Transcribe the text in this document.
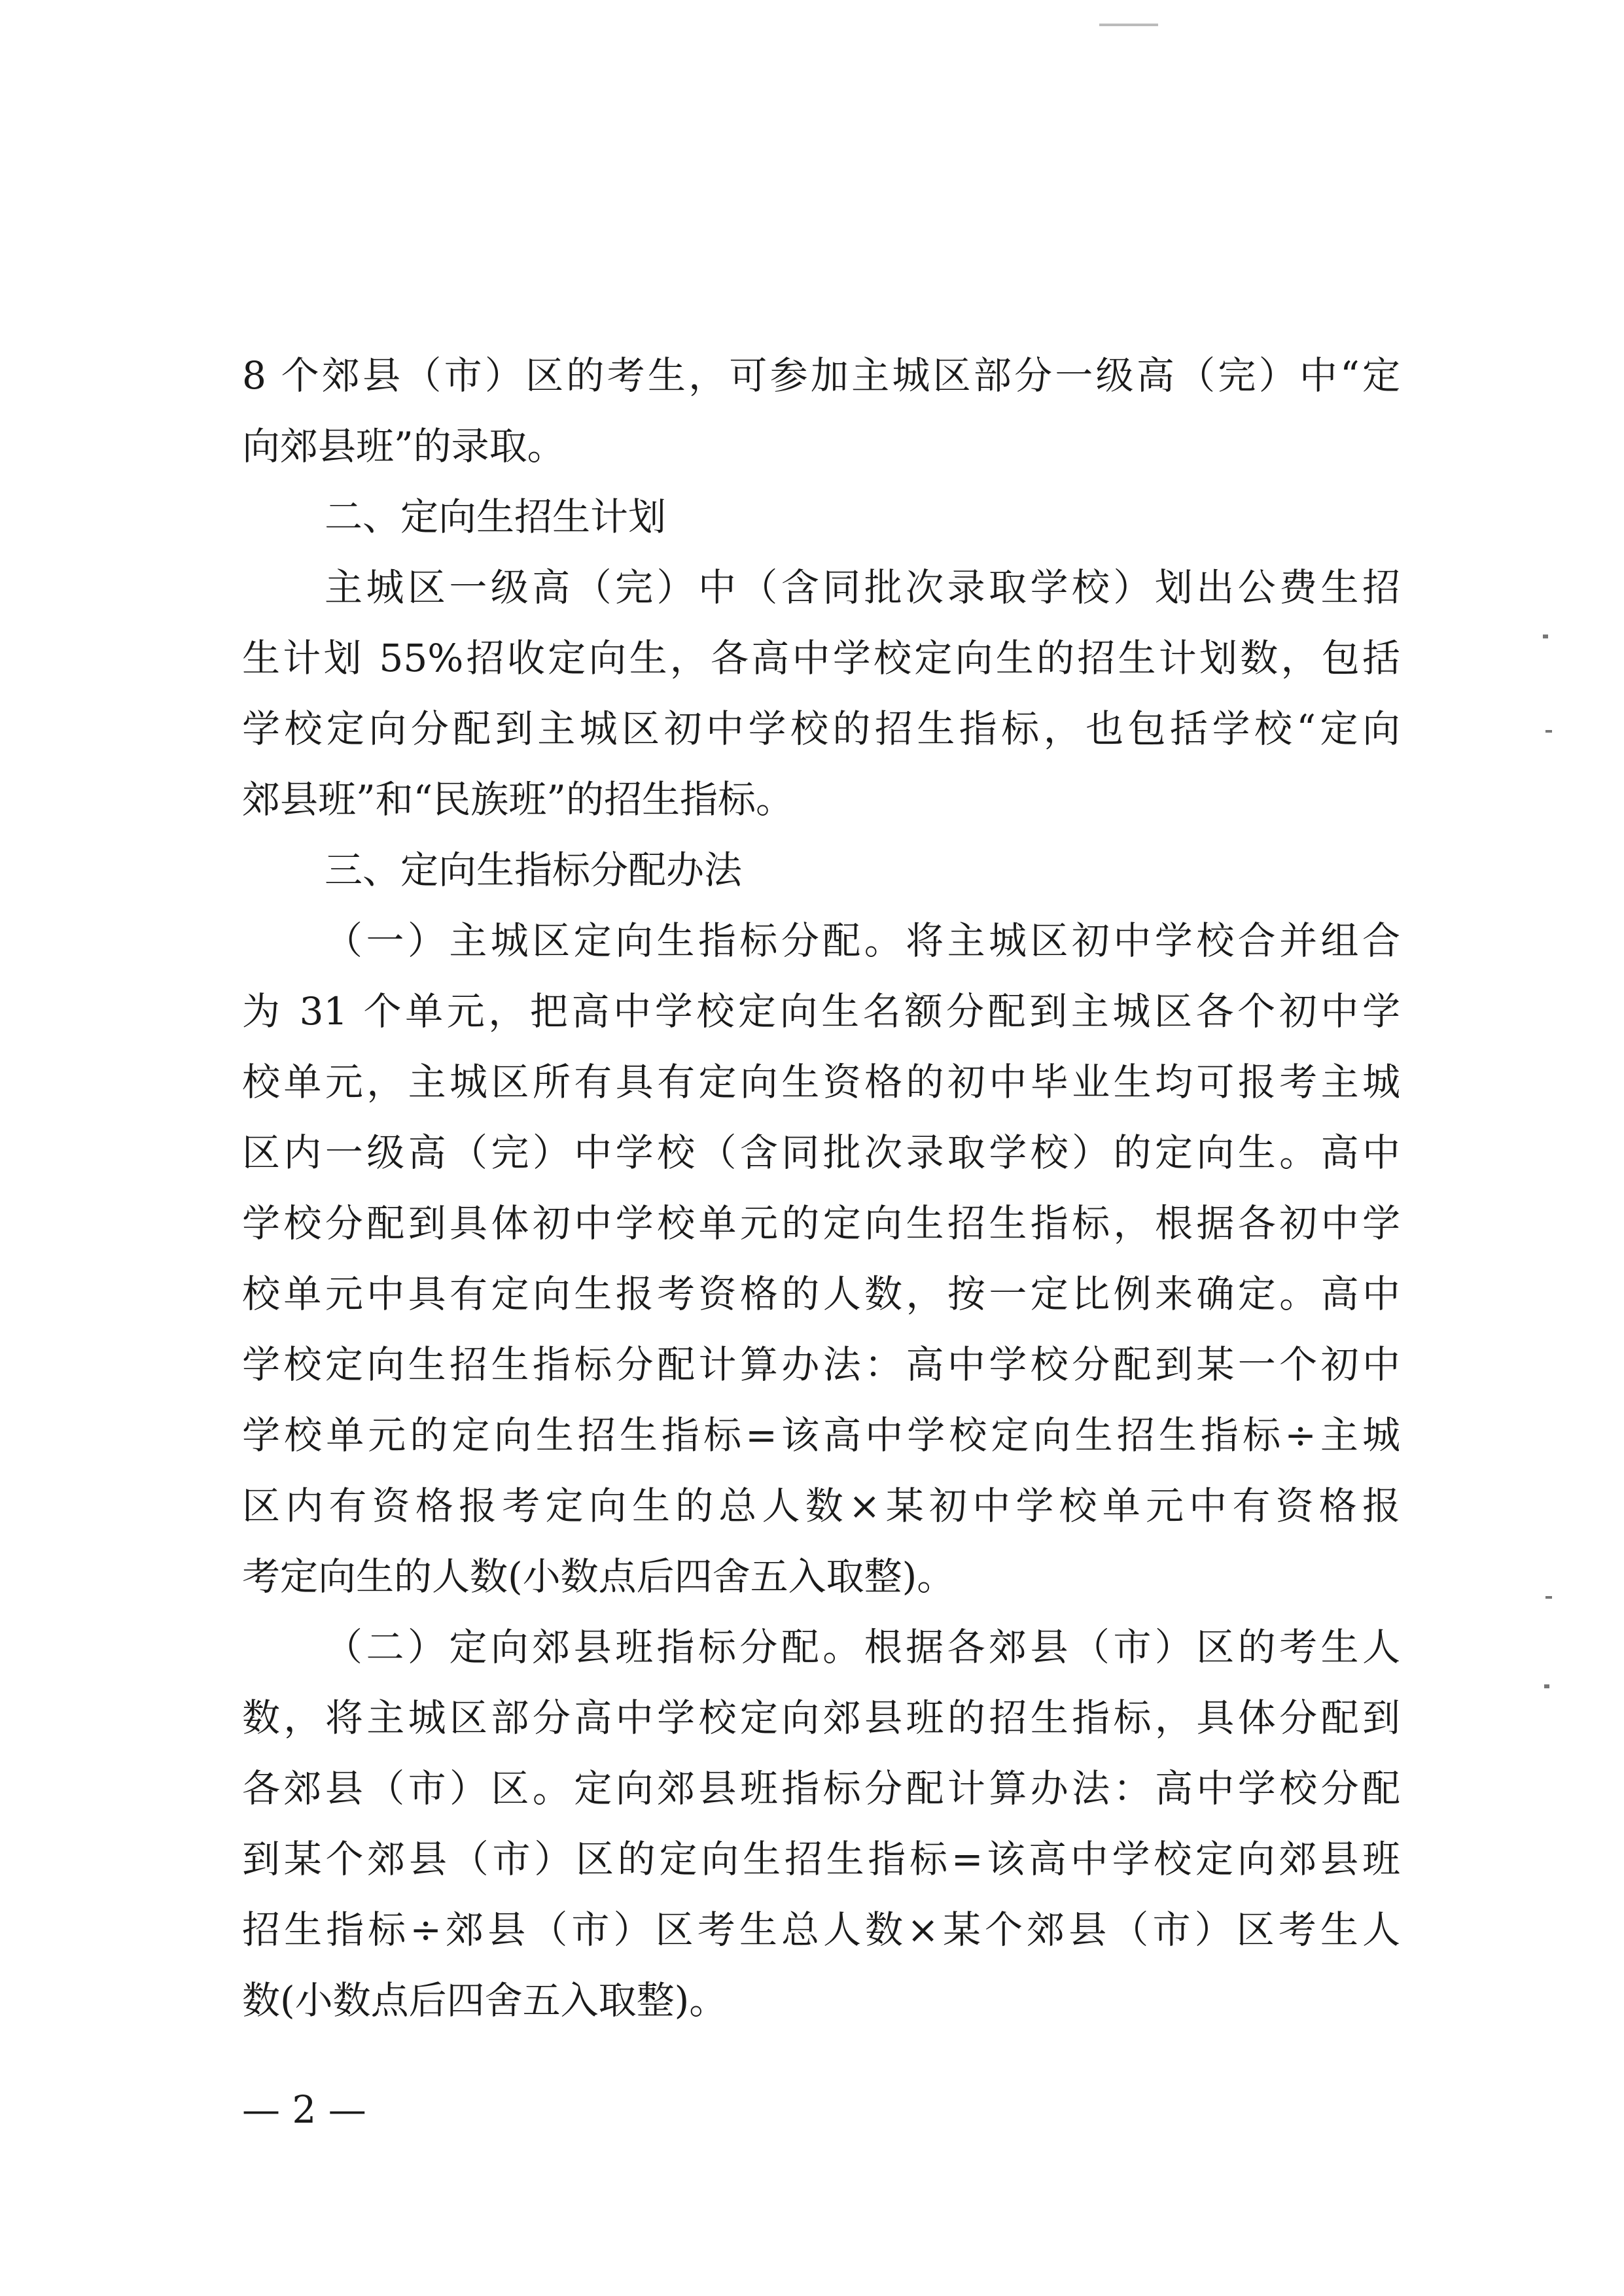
8 个郊县（市）区的考生，可参加主城区部分一级高（完）中“定
向郊县班”的录取。
二、定向生招生计划
主城区一级高（完）中（含同批次录取学校）划出公费生招
生计划 55%招收定向生，各高中学校定向生的招生计划数，包括
学校定向分配到主城区初中学校的招生指标，也包括学校“定向
郊县班”和“民族班”的招生指标。
三、定向生指标分配办法
（一）主城区定向生指标分配。将主城区初中学校合并组合
为 31 个单元，把高中学校定向生名额分配到主城区各个初中学
校单元，主城区所有具有定向生资格的初中毕业生均可报考主城
区内一级高（完）中学校（含同批次录取学校）的定向生。高中
学校分配到具体初中学校单元的定向生招生指标，根据各初中学
校单元中具有定向生报考资格的人数，按一定比例来确定。高中
学校定向生招生指标分配计算办法：高中学校分配到某一个初中
学校单元的定向生招生指标=该高中学校定向生招生指标÷主城
区内有资格报考定向生的总人数×某初中学校单元中有资格报
考定向生的人数(小数点后四舍五入取整)。
（二）定向郊县班指标分配。根据各郊县（市）区的考生人
数，将主城区部分高中学校定向郊县班的招生指标，具体分配到
各郊县（市）区。定向郊县班指标分配计算办法：高中学校分配
到某个郊县（市）区的定向生招生指标=该高中学校定向郊县班
招生指标÷郊县（市）区考生总人数×某个郊县（市）区考生人
数(小数点后四舍五入取整)。
— 2 —
